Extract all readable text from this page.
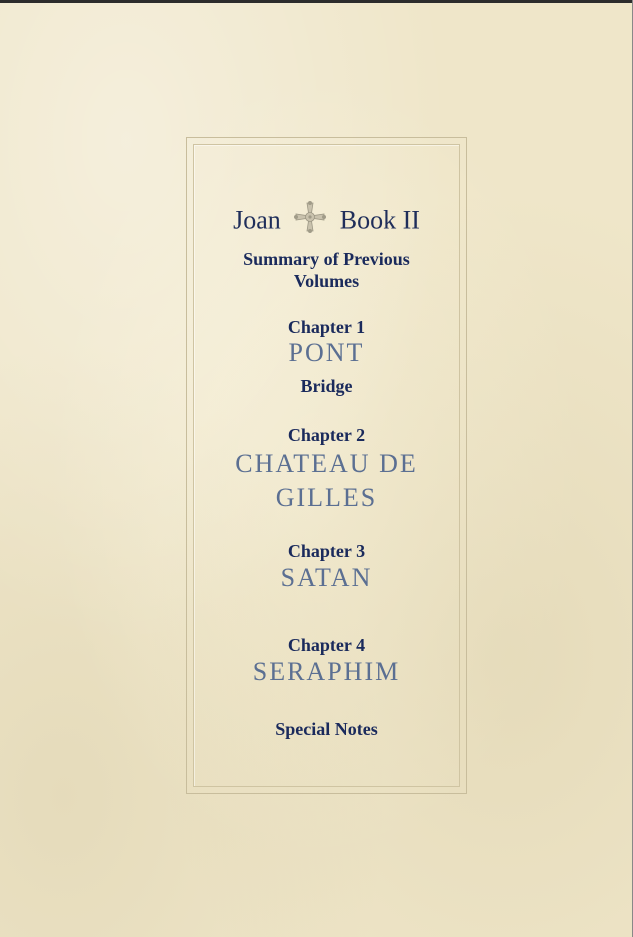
Joan Book II
Summary of Previous Volumes
Chapter 1
PONT
Bridge
Chapter 2
CHATEAU DE GILLES
Chapter 3
SATAN
Chapter 4
SERAPHIM
Special Notes
